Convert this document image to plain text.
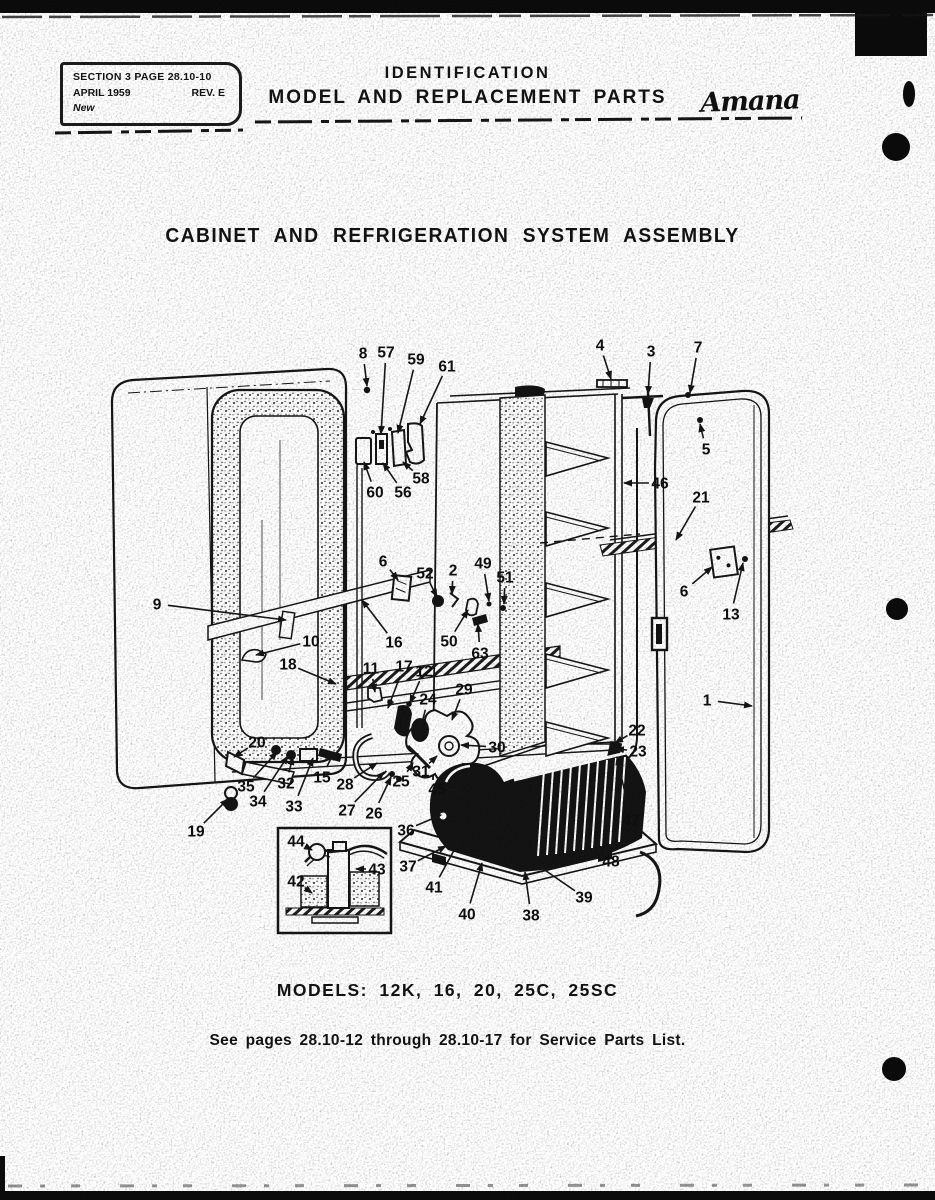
8 57 59 61
4	3 7
5
60 56
58	46
21
6
13
1
6
52 2 49
51
50
63
9
10
18
16
11 17 12
24
29
30
31
25
22
23
20
35 32
34 33
15
19
28
27 26
45
36
37
41
40	38
39
48
47
44
43
42
SECTION 3 PAGE 28.10-10
APRIL 1959	REV. E
New
IDENTIFICATION
MODEL AND REPLACEMENT PARTS	Amana
CABINET AND REFRIGERATION SYSTEM ASSEMBLY
MODELS: 12K, 16, 20, 25C, 25SC
See pages 28.10-12 through 28.10-17 for Service Parts List.
